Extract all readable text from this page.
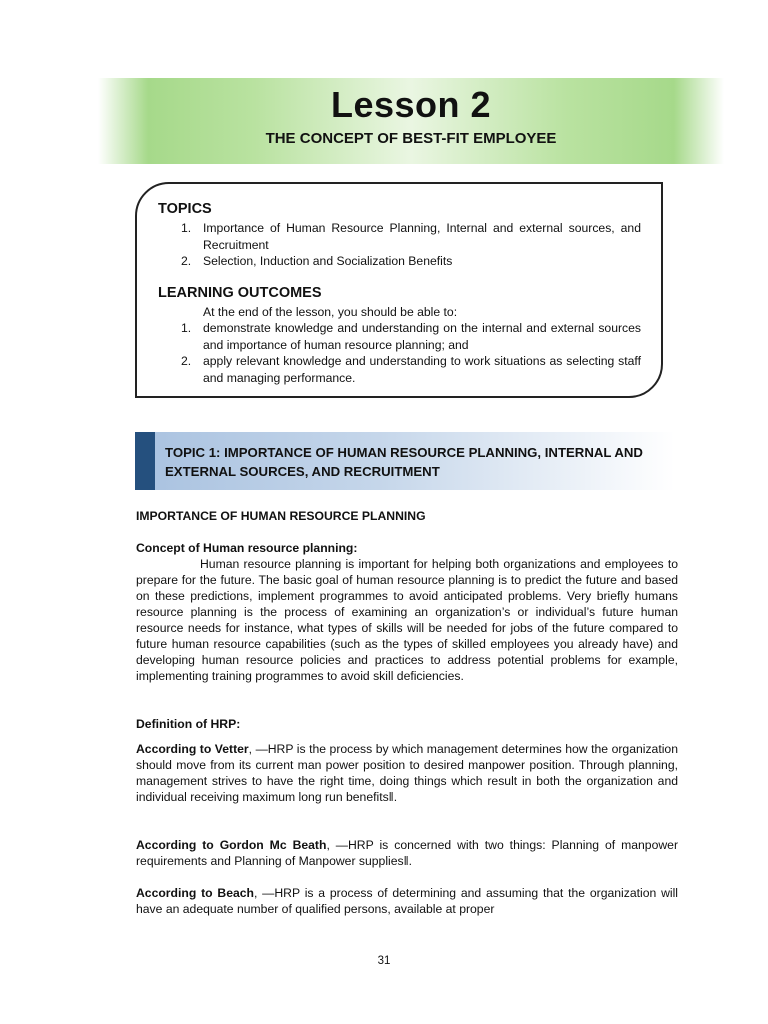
Lesson 2
THE CONCEPT OF BEST-FIT EMPLOYEE
TOPICS
1. Importance of Human Resource Planning, Internal and external sources, and Recruitment
2. Selection, Induction and Socialization Benefits
LEARNING OUTCOMES
At the end of the lesson, you should be able to:
1. demonstrate knowledge and understanding on the internal and external sources and importance of human resource planning; and
2. apply relevant knowledge and understanding to work situations as selecting staff and managing performance.
TOPIC 1: IMPORTANCE OF HUMAN RESOURCE PLANNING, INTERNAL AND EXTERNAL SOURCES, AND RECRUITMENT

IMPORTANCE OF HUMAN RESOURCE PLANNING

Concept of Human resource planning:

Human resource planning is important for helping both organizations and employees to prepare for the future. The basic goal of human resource planning is to predict the future and based on these predictions, implement programmes to avoid anticipated problems. Very briefly humans resource planning is the process of examining an organization’s or individual’s future human resource needs for instance, what types of skills will be needed for jobs of the future compared to future human resource capabilities (such as the types of skilled employees you already have) and developing human resource policies and practices to address potential problems for example, implementing training programmes to avoid skill deficiencies.

Definition of HRP:

According to Vetter, ―HRP is the process by which management determines how the organization should move from its current man power position to desired manpower position. Through planning, management strives to have the right time, doing things which result in both the organization and individual receiving maximum long run benefits‖.

According to Gordon Mc Beath, ―HRP is concerned with two things: Planning of manpower requirements and Planning of Manpower supplies‖.

According to Beach, ―HRP is a process of determining and assuming that the organization will have an adequate number of qualified persons, available at proper

31
